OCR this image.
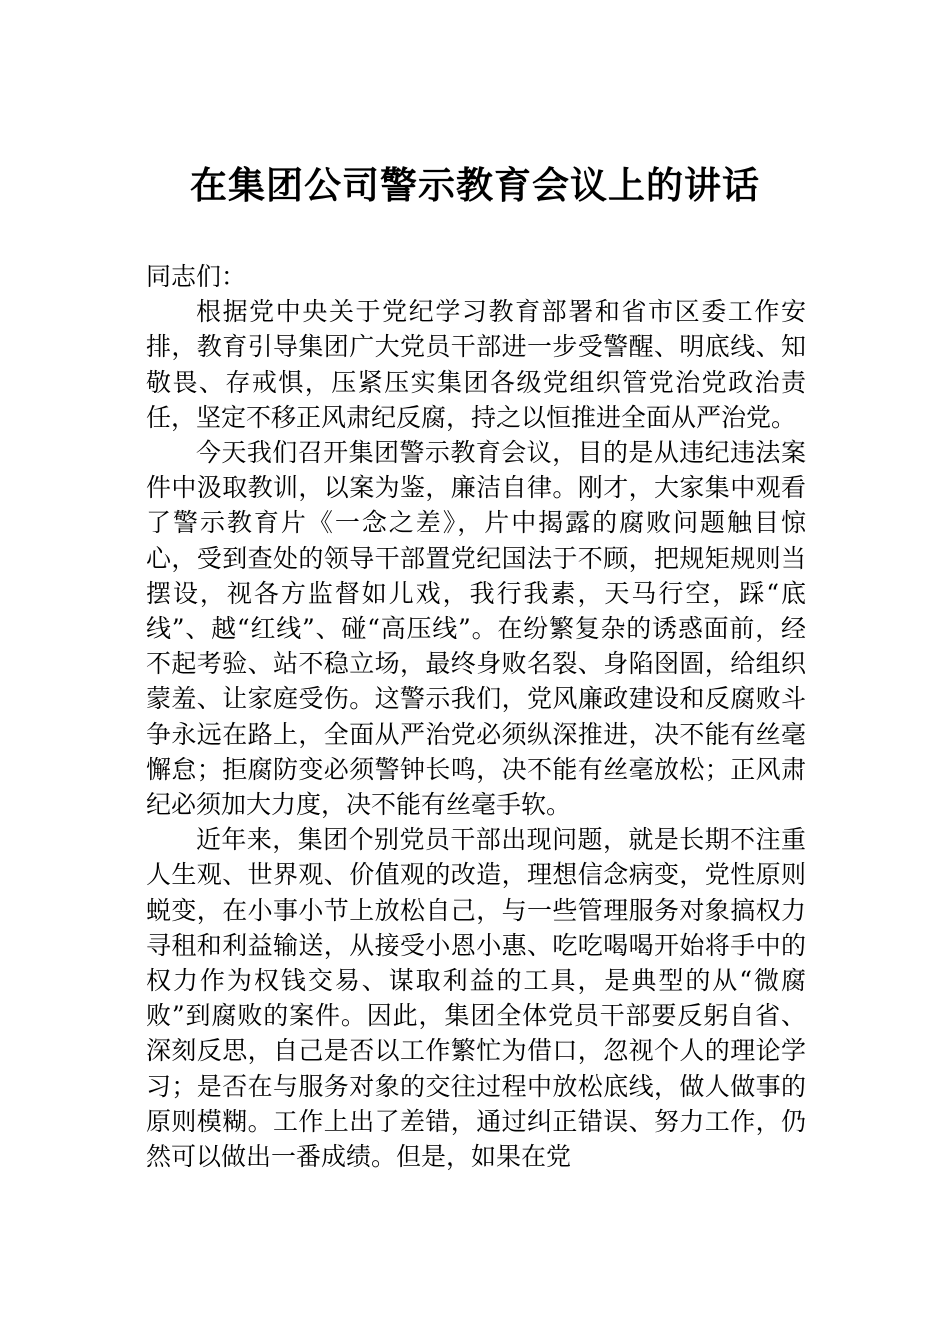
在集团公司警示教育会议上的讲话

同志们：

根据党中央关于党纪学习教育部署和省市区委工作安排，教育引导集团广大党员干部进一步受警醒、明底线、知敬畏、存戒惧，压紧压实集团各级党组织管党治党政治责任，坚定不移正风肃纪反腐，持之以恒推进全面从严治党。

今天我们召开集团警示教育会议，目的是从违纪违法案件中汲取教训，以案为鉴，廉洁自律。刚才，大家集中观看了警示教育片《一念之差》，片中揭露的腐败问题触目惊心，受到查处的领导干部置党纪国法于不顾，把规矩规则当摆设，视各方监督如儿戏，我行我素，天马行空，踩“底线”、越“红线”、碰“高压线”。在纷繁复杂的诱惑面前，经不起考验、站不稳立场，最终身败名裂、身陷囹圄，给组织蒙羞、让家庭受伤。这警示我们，党风廉政建设和反腐败斗争永远在路上，全面从严治党必须纵深推进，决不能有丝毫懈怠；拒腐防变必须警钟长鸣，决不能有丝毫放松；正风肃纪必须加大力度，决不能有丝毫手软。

近年来，集团个别党员干部出现问题，就是长期不注重人生观、世界观、价值观的改造，理想信念病变，党性原则蜕变，在小事小节上放松自己，与一些管理服务对象搞权力寻租和利益输送，从接受小恩小惠、吃吃喝喝开始将手中的权力作为权钱交易、谋取利益的工具，是典型的从“微腐败”到腐败的案件。因此，集团全体党员干部要反躬自省、深刻反思，自己是否以工作繁忙为借口，忽视个人的理论学习；是否在与服务对象的交往过程中放松底线，做人做事的原则模糊。工作上出了差错，通过纠正错误、努力工作，仍然可以做出一番成绩。但是，如果在党
